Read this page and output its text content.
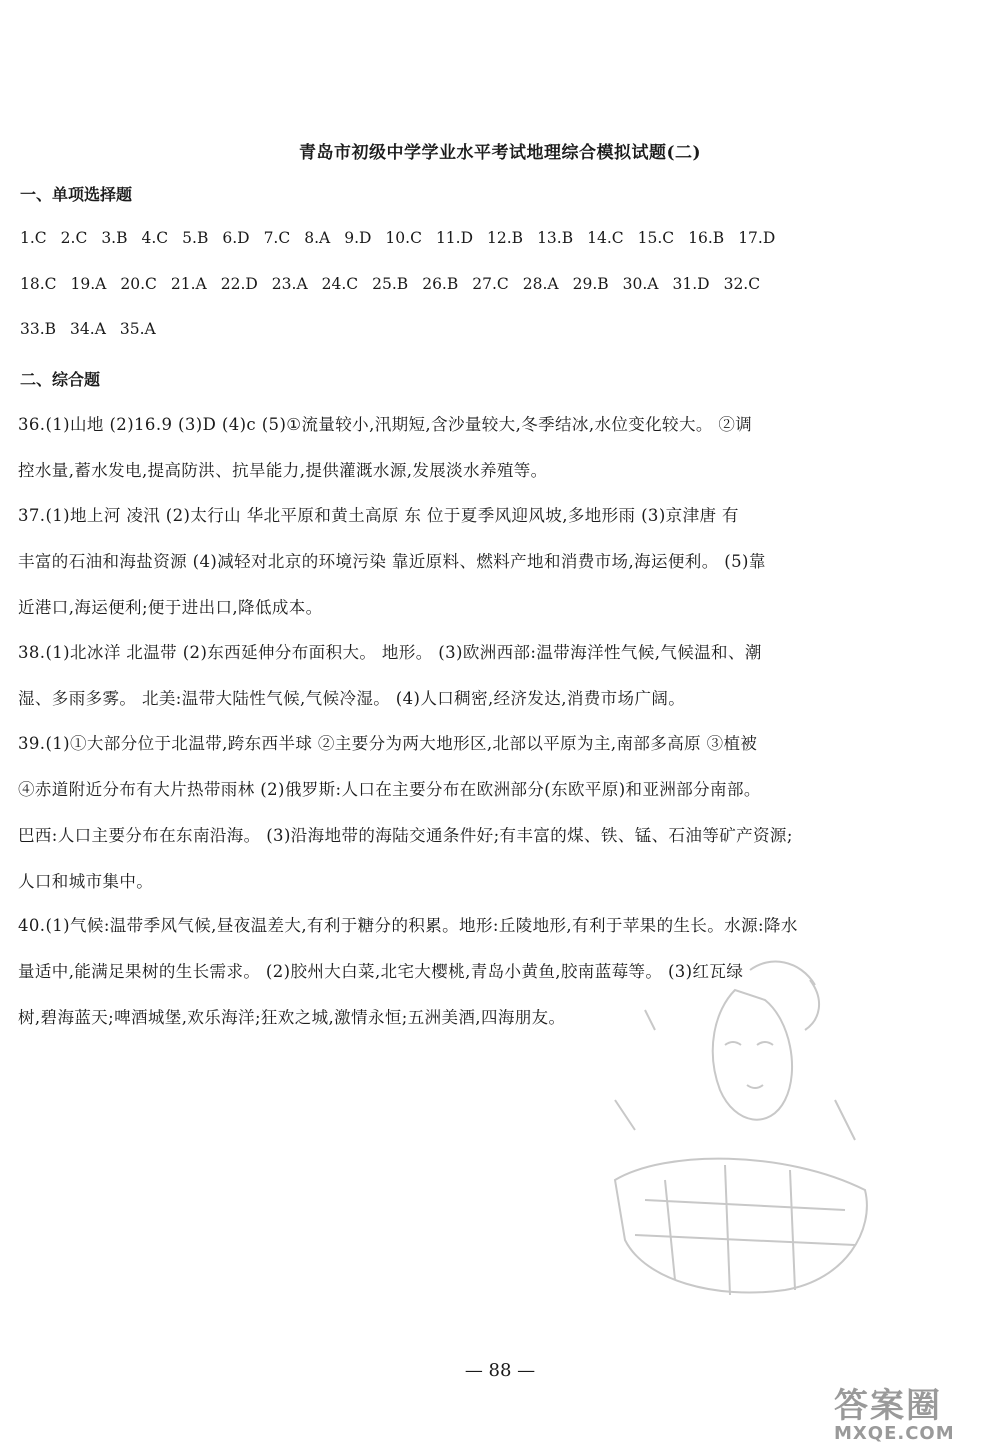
青岛市初级中学学业水平考试地理综合模拟试题(二)
一、单项选择题
1.C 2.C 3.B 4.C 5.B 6.D 7.C 8.A 9.D 10.C 11.D 12.B 13.B 14.C 15.C 16.B 17.D
18.C 19.A 20.C 21.A 22.D 23.A 24.C 25.B 26.B 27.C 28.A 29.B 30.A 31.D 32.C
33.B 34.A 35.A
二、综合题
36.(1)山地 (2)16.9 (3)D (4)c (5)①流量较小,汛期短,含沙量较大,冬季结冰,水位变化较大。 ②调
控水量,蓄水发电,提高防洪、抗旱能力,提供灌溉水源,发展淡水养殖等。
37.(1)地上河 凌汛 (2)太行山 华北平原和黄土高原 东 位于夏季风迎风坡,多地形雨 (3)京津唐 有
丰富的石油和海盐资源 (4)减轻对北京的环境污染 靠近原料、燃料产地和消费市场,海运便利。 (5)靠
近港口,海运便利;便于进出口,降低成本。
38.(1)北冰洋 北温带 (2)东西延伸分布面积大。 地形。 (3)欧洲西部:温带海洋性气候,气候温和、潮
湿、多雨多雾。 北美:温带大陆性气候,气候冷湿。 (4)人口稠密,经济发达,消费市场广阔。
39.(1)①大部分位于北温带,跨东西半球 ②主要分为两大地形区,北部以平原为主,南部多高原 ③植被
④赤道附近分布有大片热带雨林 (2)俄罗斯:人口在主要分布在欧洲部分(东欧平原)和亚洲部分南部。
巴西:人口主要分布在东南沿海。 (3)沿海地带的海陆交通条件好;有丰富的煤、铁、锰、石油等矿产资源;
人口和城市集中。
40.(1)气候:温带季风气候,昼夜温差大,有利于糖分的积累。地形:丘陵地形,有利于苹果的生长。水源:降水
量适中,能满足果树的生长需求。 (2)胶州大白菜,北宅大樱桃,青岛小黄鱼,胶南蓝莓等。 (3)红瓦绿
树,碧海蓝天;啤酒城堡,欢乐海洋;狂欢之城,激情永恒;五洲美酒,四海朋友。
— 88 —
答案圈
MXQE.COM
